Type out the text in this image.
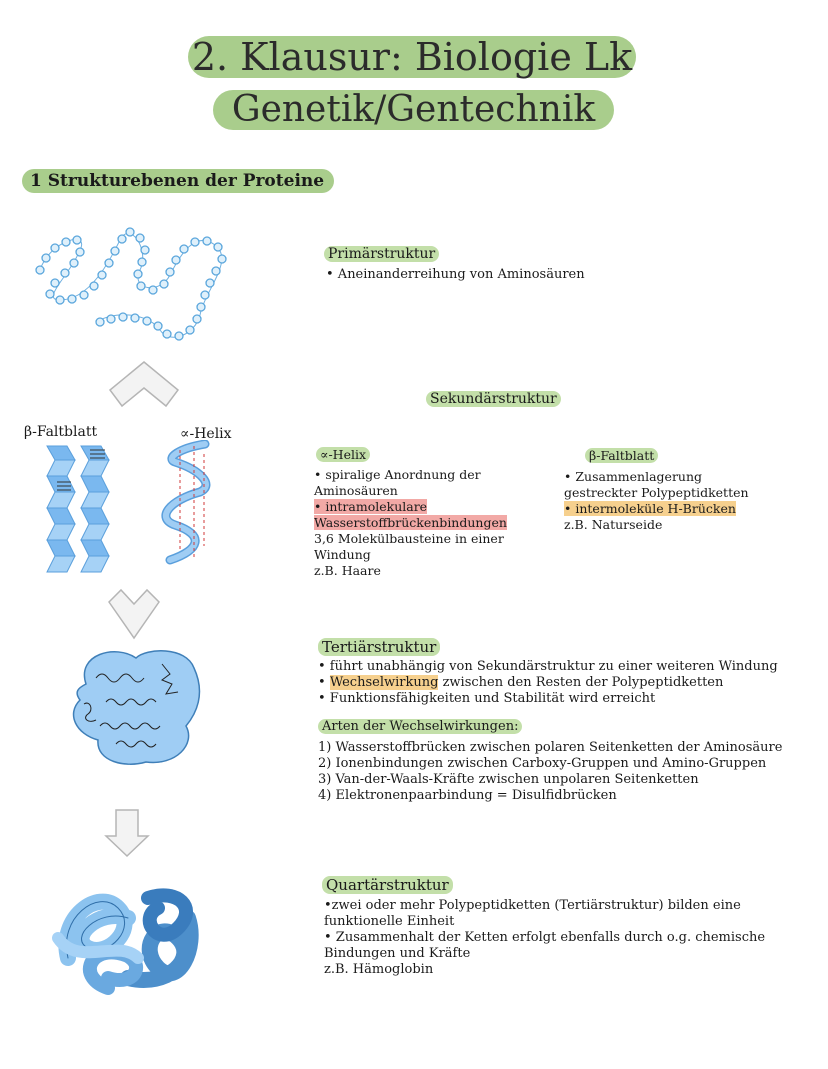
2. Klausur: Biologie Lk
Genetik/Gentechnik
1 Strukturebenen der Proteine
Primärstruktur
• Aneinanderreihung von Aminosäuren
β-Faltblatt	∝-Helix
Sekundärstruktur
∝-Helix
• spiralige Anordnung der
Aminosäuren
• intramolekulare
Wasserstoffbrückenbindungen
3,6 Molekülbausteine in einer
Windung
z.B. Haare
β-Faltblatt
• Zusammenlagerung
gestreckter Polypeptidketten
• intermoleküle H-Brücken
z.B. Naturseide
Tertiärstruktur
• führt unabhängig von Sekundärstruktur zu einer weiteren Windung
• Wechselwirkung zwischen den Resten der Polypeptidketten
• Funktionsfähigkeiten und Stabilität wird erreicht
Arten der Wechselwirkungen:
1) Wasserstoffbrücken zwischen polaren Seitenketten der Aminosäure
2) Ionenbindungen zwischen Carboxy-Gruppen und Amino-Gruppen
3) Van-der-Waals-Kräfte zwischen unpolaren Seitenketten
4) Elektronenpaarbindung = Disulfidbrücken
Quartärstruktur
•zwei oder mehr Polypeptidketten (Tertiärstruktur) bilden eine
funktionelle Einheit
• Zusammenhalt der Ketten erfolgt ebenfalls durch o.g. chemische
Bindungen und Kräfte
z.B. Hämoglobin
